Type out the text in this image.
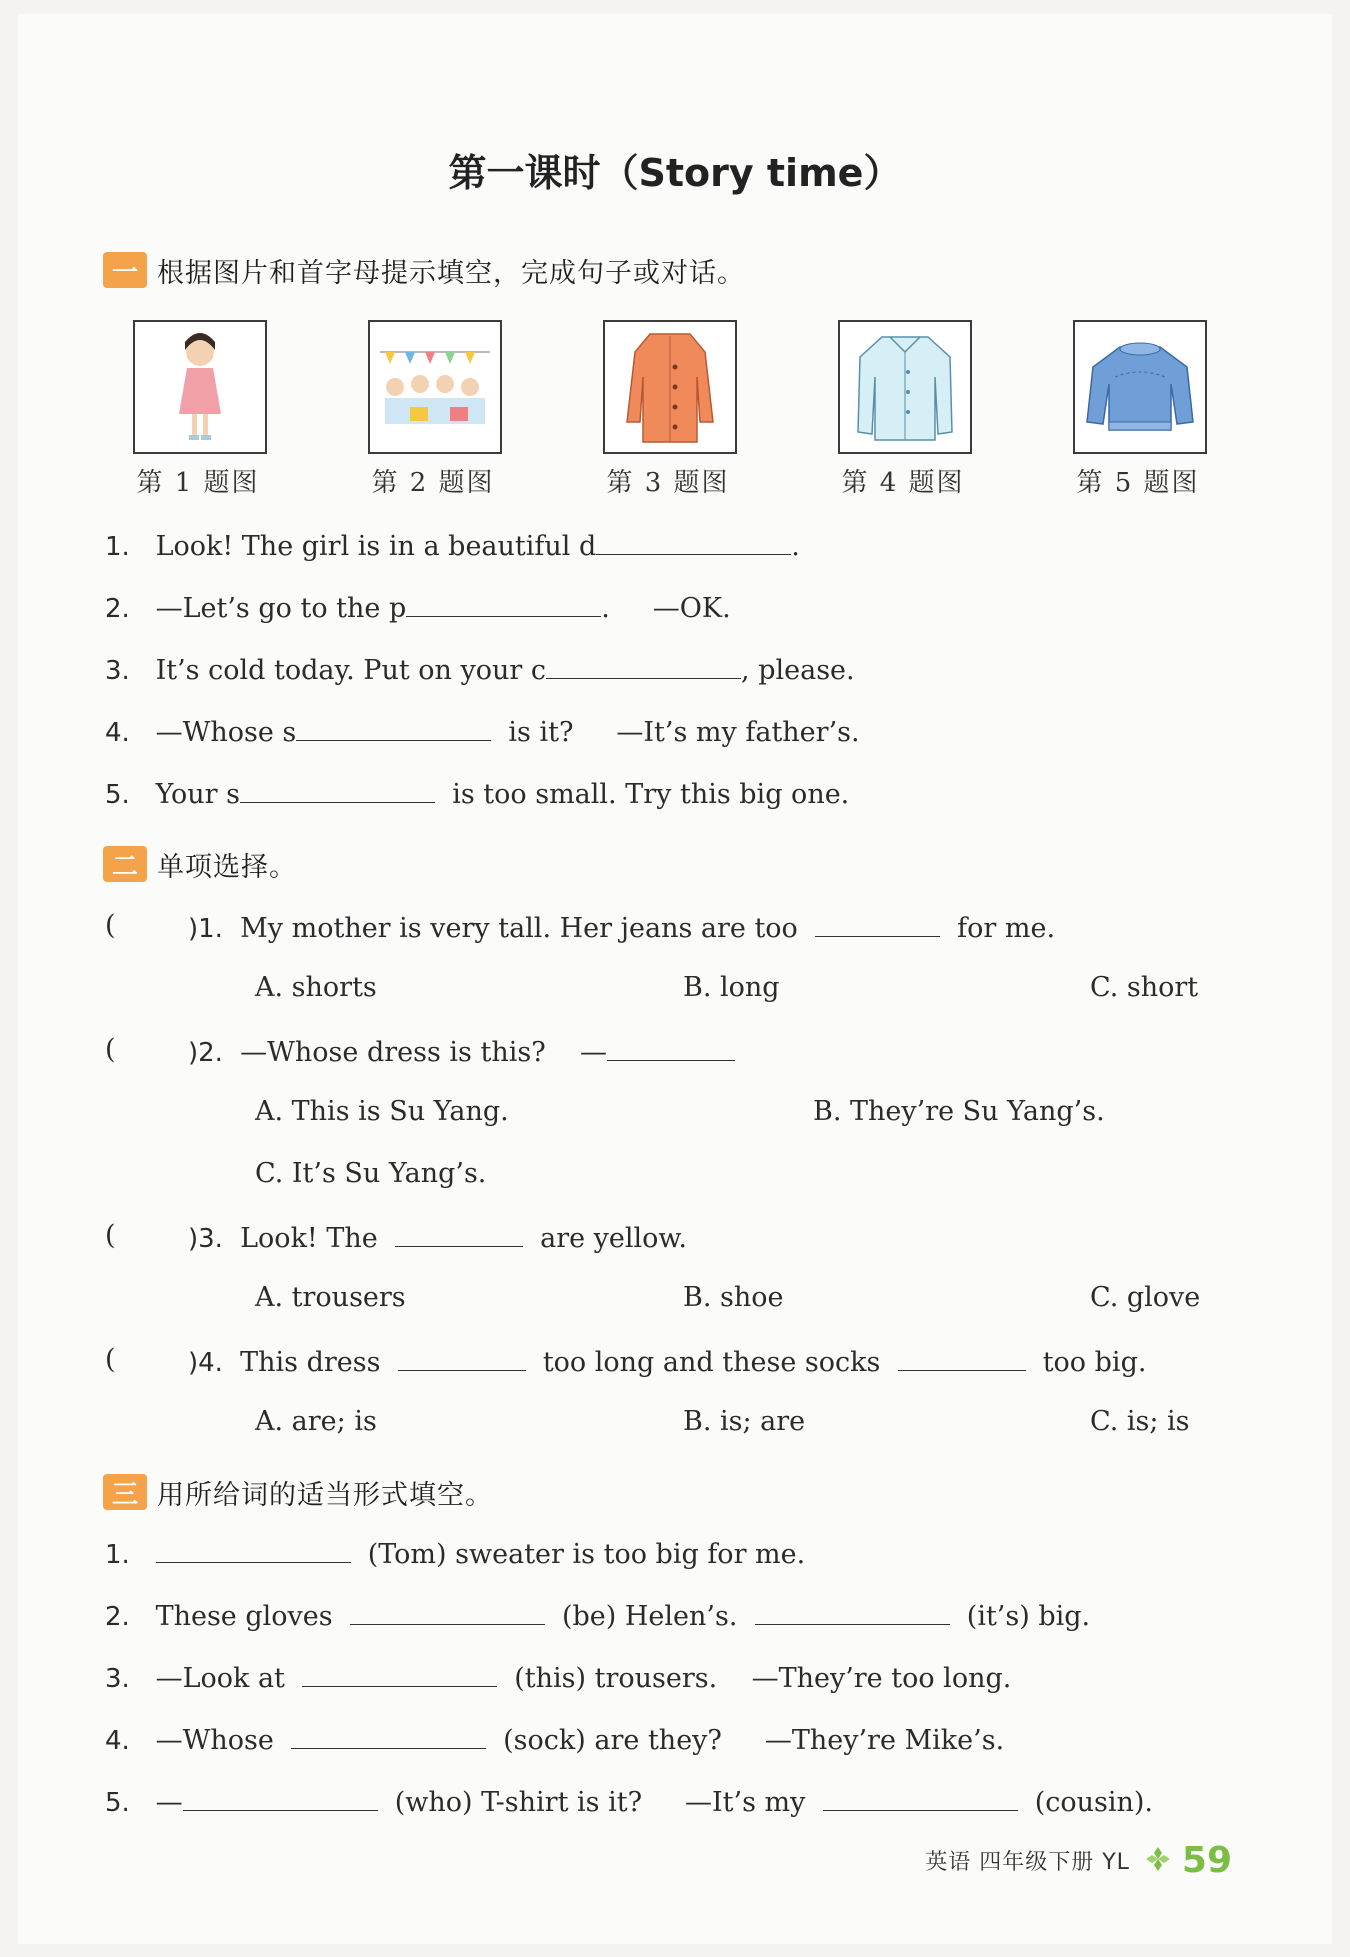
第一课时（Story time）
一 根据图片和首字母提示填空，完成句子或对话。
第 1 题图	第 2 题图	第 3 题图	第 4 题图	第 5 题图
1. Look! The girl is in a beautiful d	.
2. —Let’s go to the p	. —OK.
3. It’s cold today. Put on your c	, please.
4. —Whose s	is it? —It’s my father’s.
5. Your s	is too small. Try this big one.
二 单项选择。
(	)1. My mother is very tall. Her jeans are too	for me.
A. shorts	B. long	C. short
(	)2. —Whose dress is this? —
A. This is Su Yang.	B. They’re Su Yang’s.
C. It’s Su Yang’s.
(	)3. Look! The	are yellow.
A. trousers	B. shoe	C. glove
(	)4. This dress	too long and these socks	too big.
A. are; is	B. is; are	C. is; is
三 用所给词的适当形式填空。
1.	(Tom) sweater is too big for me.
2. These gloves	(be) Helen’s.	(it’s) big.
3. —Look at	(this) trousers. —They’re too long.
4. —Whose	(sock) are they? —They’re Mike’s.
5. —	(who) T-shirt is it? —It’s my	(cousin).
英语 四年级下册 YL 59
